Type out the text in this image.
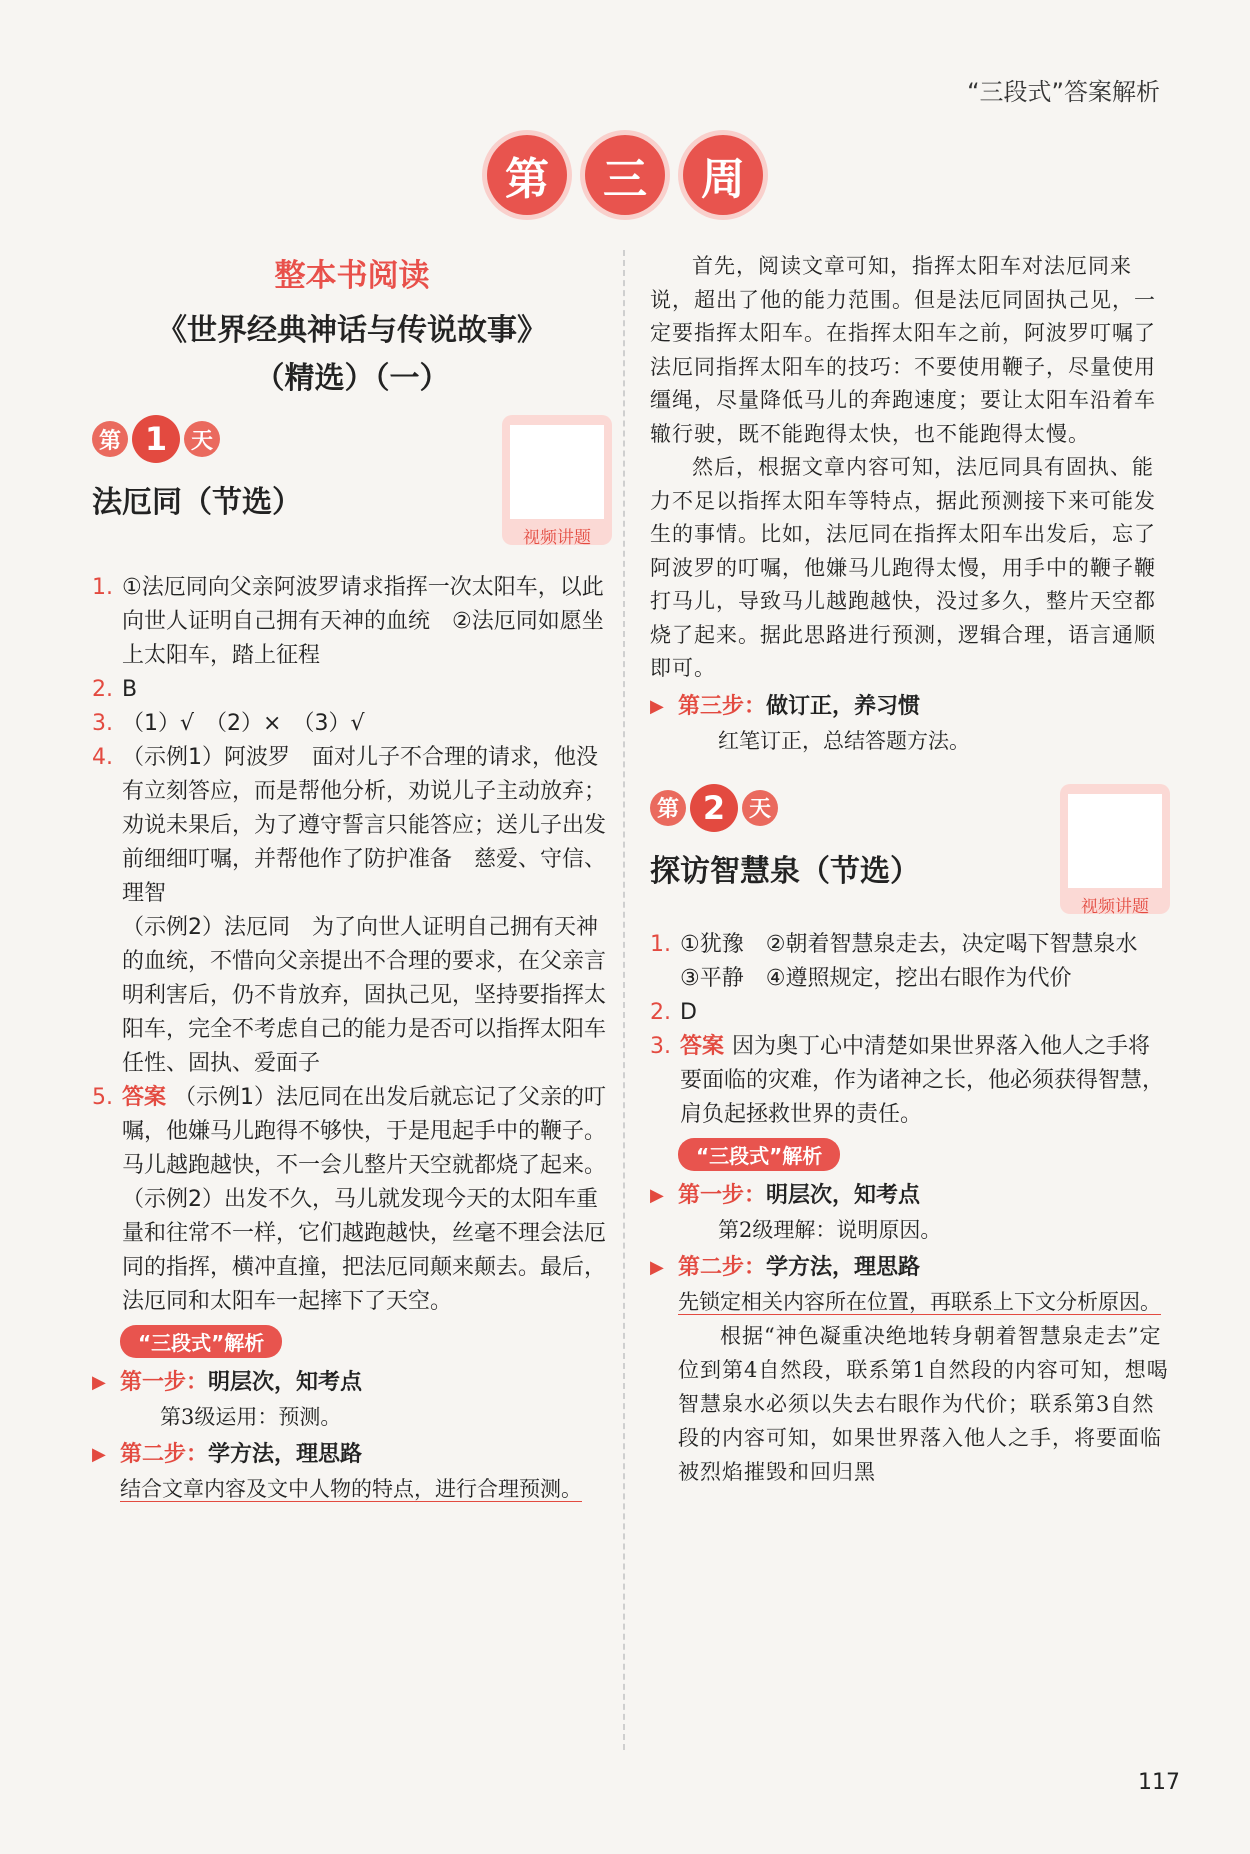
“三段式”答案解析
第	三	周
整本书阅读
《世界经典神话与传说故事》
（精选）（一）
第 1	天
法厄同（节选）
视频讲题
1. ①法厄同向父亲阿波罗请求指挥一次太阳车，以此向世人证明自己拥有天神的血统　②法厄同如愿坐上太阳车，踏上征程
2. B
3. （1）√　（2）×　（3）√
4. （示例1）阿波罗　面对儿子不合理的请求，他没有立刻答应，而是帮他分析，劝说儿子主动放弃；劝说未果后，为了遵守誓言只能答应；送儿子出发前细细叮嘱，并帮他作了防护准备　慈爱、守信、理智
（示例2）法厄同　为了向世人证明自己拥有天神的血统，不惜向父亲提出不合理的要求，在父亲言明利害后，仍不肯放弃，固执己见，坚持要指挥太阳车，完全不考虑自己的能力是否可以指挥太阳车　任性、固执、爱面子
5. 答案 （示例1）法厄同在出发后就忘记了父亲的叮嘱，他嫌马儿跑得不够快，于是甩起手中的鞭子。马儿越跑越快，不一会儿整片天空就都烧了起来。
（示例2）出发不久，马儿就发现今天的太阳车重量和往常不一样，它们越跑越快，丝毫不理会法厄同的指挥，横冲直撞，把法厄同颠来颠去。最后，法厄同和太阳车一起摔下了天空。
“三段式”解析
▶ 第一步： 明层次，知考点
第3级运用：预测。
▶ 第二步： 学方法，理思路
结合文章内容及文中人物的特点，进行合理预测。
首先，阅读文章可知，指挥太阳车对法厄同来说，超出了他的能力范围。但是法厄同固执己见，一定要指挥太阳车。在指挥太阳车之前，阿波罗叮嘱了法厄同指挥太阳车的技巧：不要使用鞭子，尽量使用缰绳，尽量降低马儿的奔跑速度；要让太阳车沿着车辙行驶，既不能跑得太快，也不能跑得太慢。
然后，根据文章内容可知，法厄同具有固执、能力不足以指挥太阳车等特点，据此预测接下来可能发生的事情。比如，法厄同在指挥太阳车出发后，忘了阿波罗的叮嘱，他嫌马儿跑得太慢，用手中的鞭子鞭打马儿，导致马儿越跑越快，没过多久，整片天空都烧了起来。据此思路进行预测，逻辑合理，语言通顺即可。
▶ 第三步： 做订正，养习惯
红笔订正，总结答题方法。
第 2	天
探访智慧泉（节选）
视频讲题
1. ①犹豫　②朝着智慧泉走去，决定喝下智慧泉水　③平静　④遵照规定，挖出右眼作为代价
2. D
3. 答案 因为奥丁心中清楚如果世界落入他人之手将要面临的灾难，作为诸神之长，他必须获得智慧，肩负起拯救世界的责任。
“三段式”解析
▶ 第一步： 明层次，知考点
第2级理解：说明原因。
▶ 第二步： 学方法，理思路
先锁定相关内容所在位置，再联系上下文分析原因。
根据“神色凝重决绝地转身朝着智慧泉走去”定位到第4自然段，联系第1自然段的内容可知，想喝智慧泉水必须以失去右眼作为代价；联系第3自然段的内容可知，如果世界落入他人之手，将要面临被烈焰摧毁和回归黑
117
